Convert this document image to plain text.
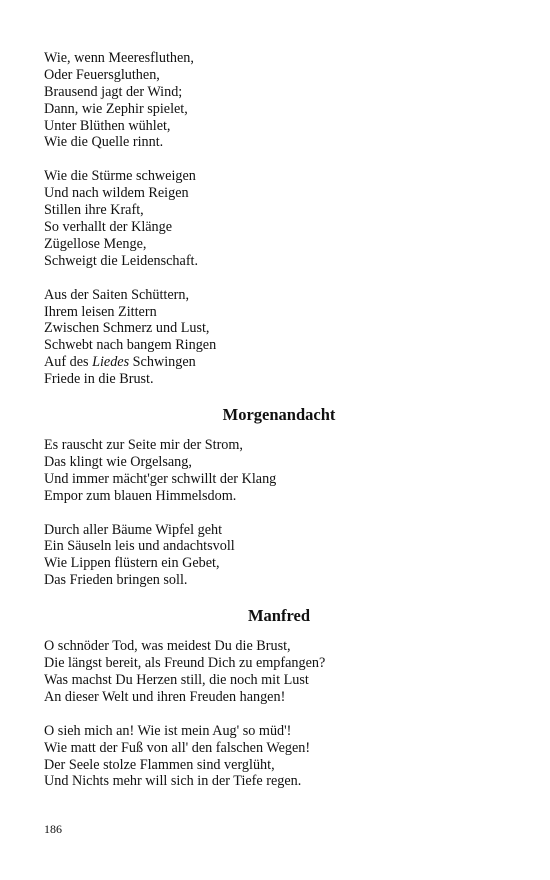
Wie, wenn Meeresfluthen,

Oder Feuersgluthen,

Brausend jagt der Wind;

Dann, wie Zephir spielet,

Unter Blüthen wühlet,

Wie die Quelle rinnt.

Wie die Stürme schweigen

Und nach wildem Reigen

Stillen ihre Kraft,

So verhallt der Klänge

Zügellose Menge,

Schweigt die Leidenschaft.

Aus der Saiten Schüttern,

Ihrem leisen Zittern

Zwischen Schmerz und Lust,

Schwebt nach bangem Ringen

Auf des Liedes Schwingen

Friede in die Brust.

Morgenandacht

Es rauscht zur Seite mir der Strom,

Das klingt wie Orgelsang,

Und immer mächt'ger schwillt der Klang

Empor zum blauen Himmelsdom.

Durch aller Bäume Wipfel geht

Ein Säuseln leis und andachtsvoll

Wie Lippen flüstern ein Gebet,

Das Frieden bringen soll.

Manfred

O schnöder Tod, was meidest Du die Brust,

Die längst bereit, als Freund Dich zu empfangen?

Was machst Du Herzen still, die noch mit Lust

An dieser Welt und ihren Freuden hangen!

O sieh mich an! Wie ist mein Aug' so müd'!

Wie matt der Fuß von all' den falschen Wegen!

Der Seele stolze Flammen sind verglüht,

Und Nichts mehr will sich in der Tiefe regen.

186
